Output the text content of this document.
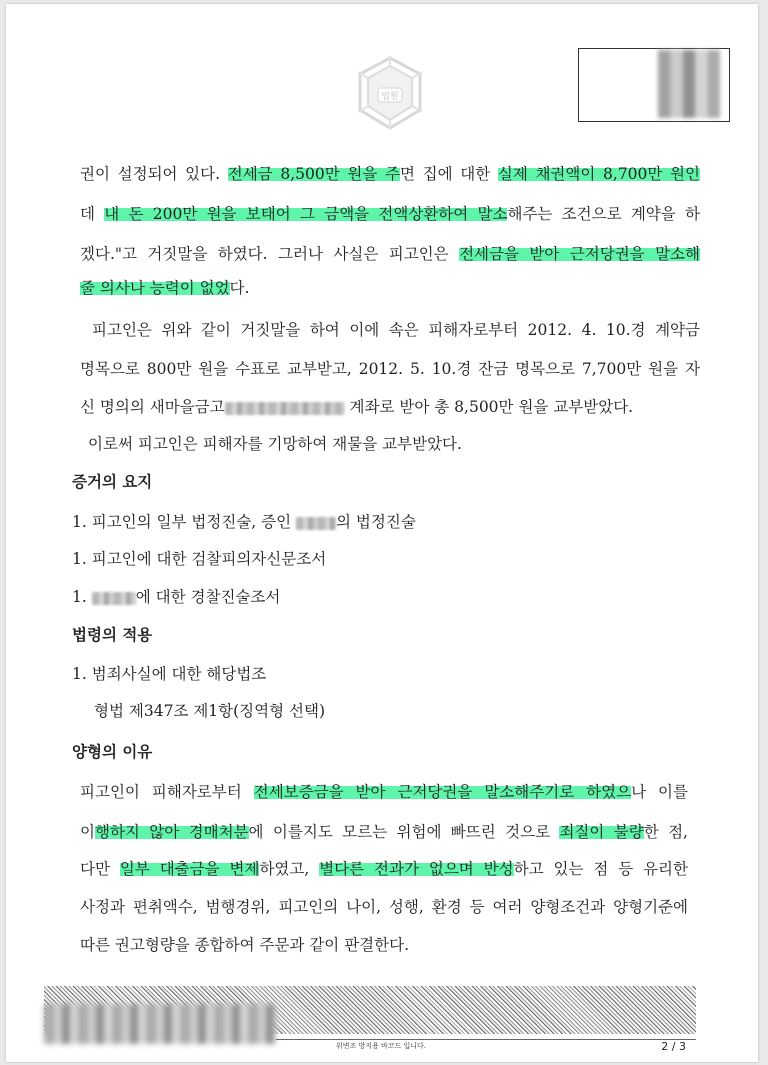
법원
권이 설정되어 있다. 전세금 8,500만 원을 주면 집에 대한 실제 채권액이 8,700만 원인
데 내 돈 200만 원을 보태어 그 금액을 전액상환하여 말소해주는 조건으로 계약을 하
겠다."고 거짓말을 하였다. 그러나 사실은 피고인은 전세금을 받아 근저당권을 말소해
줄 의사나 능력이 없었다.
피고인은 위와 같이 거짓말을 하여 이에 속은 피해자로부터 2012. 4. 10.경 계약금
명목으로 800만 원을 수표로 교부받고, 2012. 5. 10.경 잔금 명목으로 7,700만 원을 자
신 명의의 새마을금고	계좌로 받아 총 8,500만 원을 교부받았다.
이로써 피고인은 피해자를 기망하여 재물을 교부받았다.
증거의 요지
1. 피고인의 일부 법정진술, 증인	의 법정진술
1. 피고인에 대한 검찰피의자신문조서
1.	에 대한 경찰진술조서
법령의 적용
1. 범죄사실에 대한 해당법조
형법 제347조 제1항(징역형 선택)
양형의 이유
피고인이 피해자로부터 전세보증금을 받아 근저당권을 말소해주기로 하였으나 이를
이행하지 않아 경매처분에 이를지도 모르는 위험에 빠뜨린 것으로 죄질이 불량한 점,
다만 일부 대출금을 변제하였고, 별다른 전과가 없으며 반성하고 있는 점 등 유리한
사정과 편취액수, 범행경위, 피고인의 나이, 성행, 환경 등 여러 양형조건과 양형기준에
따른 권고형량을 종합하여 주문과 같이 판결한다.
위변조 방지용 바코드 입니다.	2 / 3
